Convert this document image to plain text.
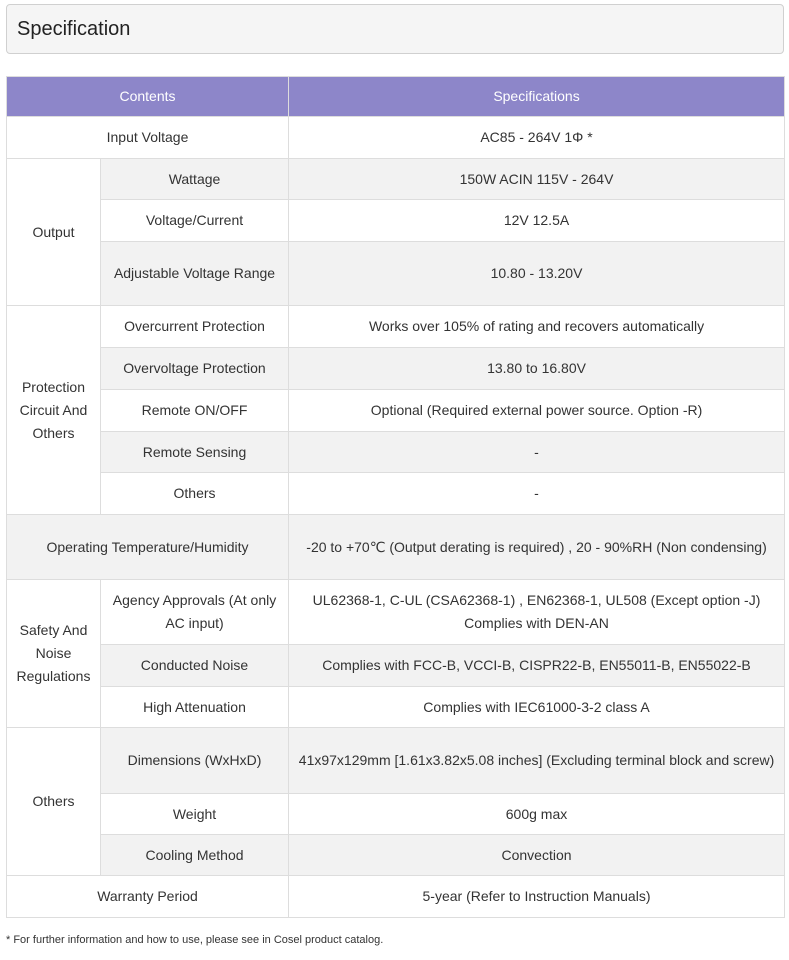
Specification
Contents		Specifications
Input Voltage		AC85 - 264V 1Φ *
Output	Wattage	150W ACIN 115V - 264V
	Voltage/Current	12V 12.5A
	Adjustable Voltage Range	10.80 - 13.20V
Protection Circuit And Others	Overcurrent Protection	Works over 105% of rating and recovers automatically
	Overvoltage Protection	13.80 to 16.80V
	Remote ON/OFF	Optional (Required external power source. Option -R)
	Remote Sensing	-
	Others	-
Operating Temperature/Humidity		-20 to +70℃ (Output derating is required) , 20 - 90%RH (Non condensing)
Safety And Noise Regulations	Agency Approvals (At only AC input)	UL62368-1, C-UL (CSA62368-1) , EN62368-1, UL508 (Except option -J) Complies with DEN-AN
	Conducted Noise	Complies with FCC-B, VCCI-B, CISPR22-B, EN55011-B, EN55022-B
	High Attenuation	Complies with IEC61000-3-2 class A
Others	Dimensions (WxHxD)	41x97x129mm [1.61x3.82x5.08 inches] (Excluding terminal block and screw)
	Weight	600g max
	Cooling Method	Convection
Warranty Period		5-year (Refer to Instruction Manuals)
* For further information and how to use, please see in Cosel product catalog.
